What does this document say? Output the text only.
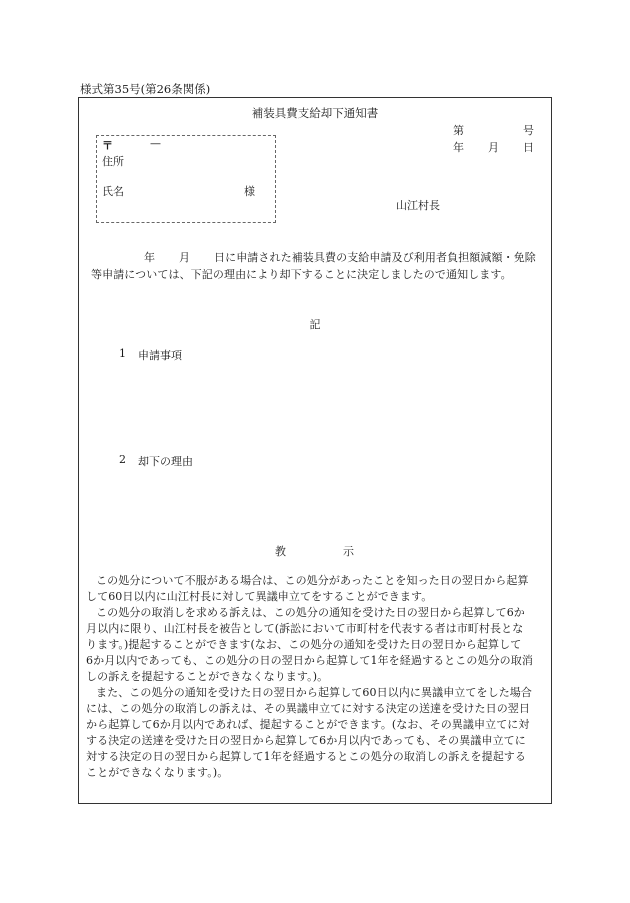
様式第35号(第26条関係)
補装具費支給却下通知書
第	号
年 月 日
〒	—
住所
氏名	様
山江村長
年 月 日に申請された補装具費の支給申請及び利用者負担額減額・免除
等申請については、下記の理由により却下することに決定しましたので通知します。
記
1 申請事項
2 却下の理由
教	示
この処分について不服がある場合は、この処分があったことを知った日の翌日から起算
して60日以内に山江村長に対して異議申立てをすることができます。
この処分の取消しを求める訴えは、この処分の通知を受けた日の翌日から起算して6か
月以内に限り、山江村長を被告として(訴訟において市町村を代表する者は市町村長とな
ります。)提起することができます(なお、この処分の通知を受けた日の翌日から起算して
6か月以内であっても、この処分の日の翌日から起算して1年を経過するとこの処分の取消
しの訴えを提起することができなくなります。)。
また、この処分の通知を受けた日の翌日から起算して60日以内に異議申立てをした場合
には、この処分の取消しの訴えは、その異議申立てに対する決定の送達を受けた日の翌日
から起算して6か月以内であれば、提起することができます。(なお、その異議申立てに対
する決定の送達を受けた日の翌日から起算して6か月以内であっても、その異議申立てに
対する決定の日の翌日から起算して1年を経過するとこの処分の取消しの訴えを提起する
ことができなくなります。)。
